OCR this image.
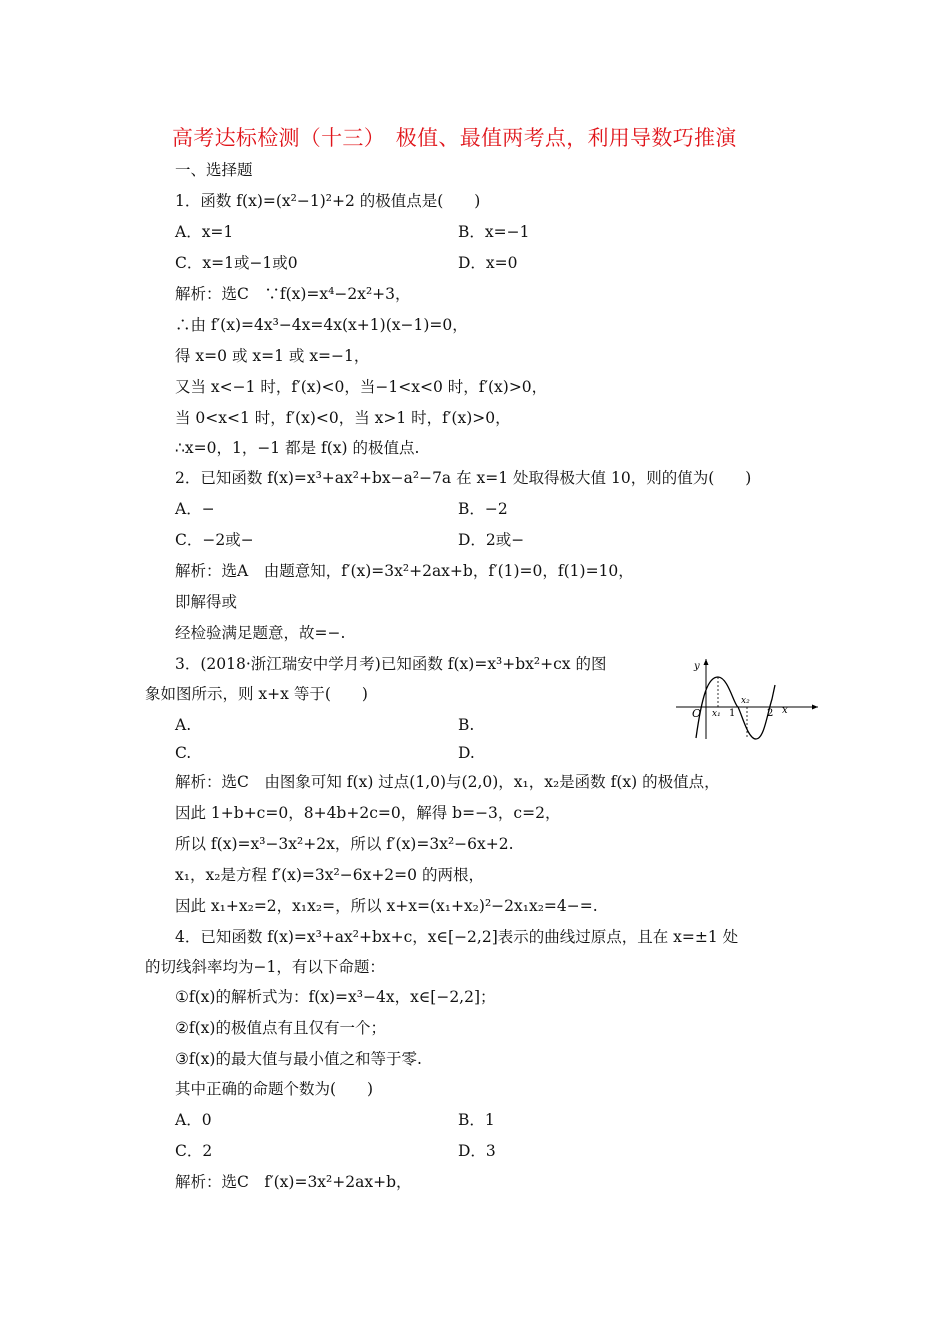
高考达标检测（十三）　极值、最值两考点，利用导数巧推演
一、选择题
1．函数 f(x)=(x²−1)²+2 的极值点是(　　)
A．x=1	B．x=−1
C．x=1或−1或0	D．x=0
解析：选C　∵f(x)=x⁴−2x²+3，
∴由 f′(x)=4x³−4x=4x(x+1)(x−1)=0，
得 x=0 或 x=1 或 x=−1，
又当 x<−1 时，f′(x)<0，当−1<x<0 时，f′(x)>0，
当 0<x<1 时，f′(x)<0，当 x>1 时，f′(x)>0，
∴x=0，1，−1 都是 f(x) 的极值点.
2．已知函数 f(x)=x³+ax²+bx−a²−7a 在 x=1 处取得极大值 10，则的值为(　　)
A．−	B．−2
C．−2或−	D．2或−
解析：选A　由题意知，f′(x)=3x²+2ax+b，f′(1)=0，f(1)=10，
即解得或
经检验满足题意，故=−.
3．(2018·浙江瑞安中学月考)已知函数 f(x)=x³+bx²+cx 的图
象如图所示，则 x+x 等于(　　)
A.	B.
C.	D.
y
O x₁ 1
x₂
2 x
解析：选C　由图象可知 f(x) 过点(1,0)与(2,0)，x₁，x₂是函数 f(x) 的极值点，
因此 1+b+c=0，8+4b+2c=0，解得 b=−3，c=2，
所以 f(x)=x³−3x²+2x，所以 f′(x)=3x²−6x+2.
x₁，x₂是方程 f′(x)=3x²−6x+2=0 的两根，
因此 x₁+x₂=2，x₁x₂=，所以 x+x=(x₁+x₂)²−2x₁x₂=4−=.
4．已知函数 f(x)=x³+ax²+bx+c，x∈[−2,2]表示的曲线过原点，且在 x=±1 处
的切线斜率均为−1，有以下命题：
①f(x)的解析式为：f(x)=x³−4x，x∈[−2,2]；
②f(x)的极值点有且仅有一个；
③f(x)的最大值与最小值之和等于零.
其中正确的命题个数为(　　)
A．0	B．1
C．2	D．3
解析：选C　f′(x)=3x²+2ax+b，
